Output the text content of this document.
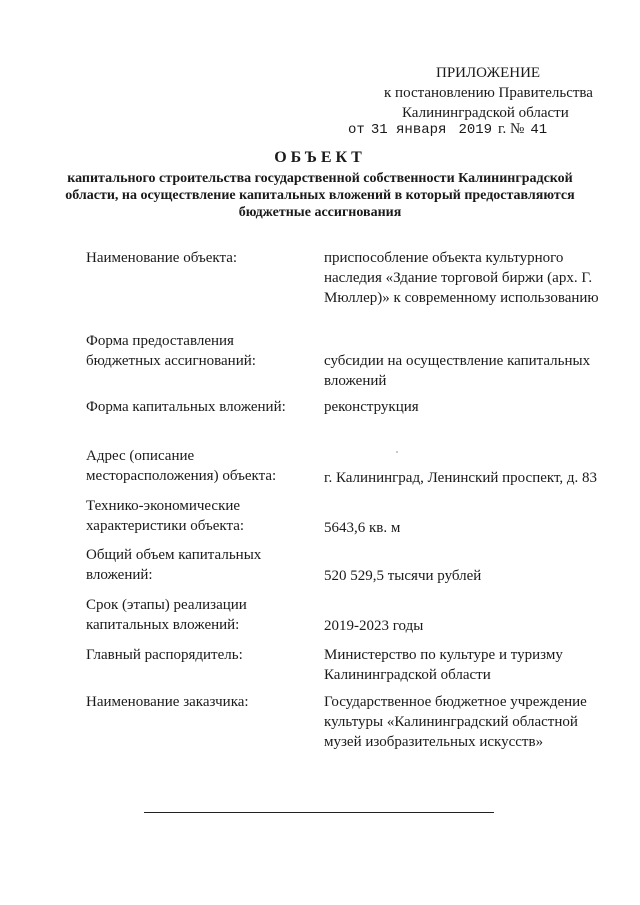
ПРИЛОЖЕНИЕ
к постановлению Правительства
Калининградской области
от 31 января 2019 г. № 41
ОБЪЕКТ
капитального строительства государственной собственности Калининградской области, на осуществление капитальных вложений в который предоставляются бюджетные ассигнования
Наименование объекта:	приспособление объекта культурного наследия «Здание торговой биржи (арх. Г. Мюллер)» к современному использованию
Форма предоставления бюджетных ассигнований:	субсидии на осуществление капитальных вложений
Форма капитальных вложений:	реконструкция
Адрес (описание месторасположения) объекта:	г. Калининград, Ленинский проспект, д. 83
Технико-экономические характеристики объекта:	5643,6 кв. м
Общий объем капитальных вложений:	520 529,5 тысячи рублей
Срок (этапы) реализации капитальных вложений:	2019-2023 годы
Главный распорядитель:	Министерство по культуре и туризму Калининградской области
Наименование заказчика:	Государственное бюджетное учреждение культуры «Калининградский областной музей изобразительных искусств»
